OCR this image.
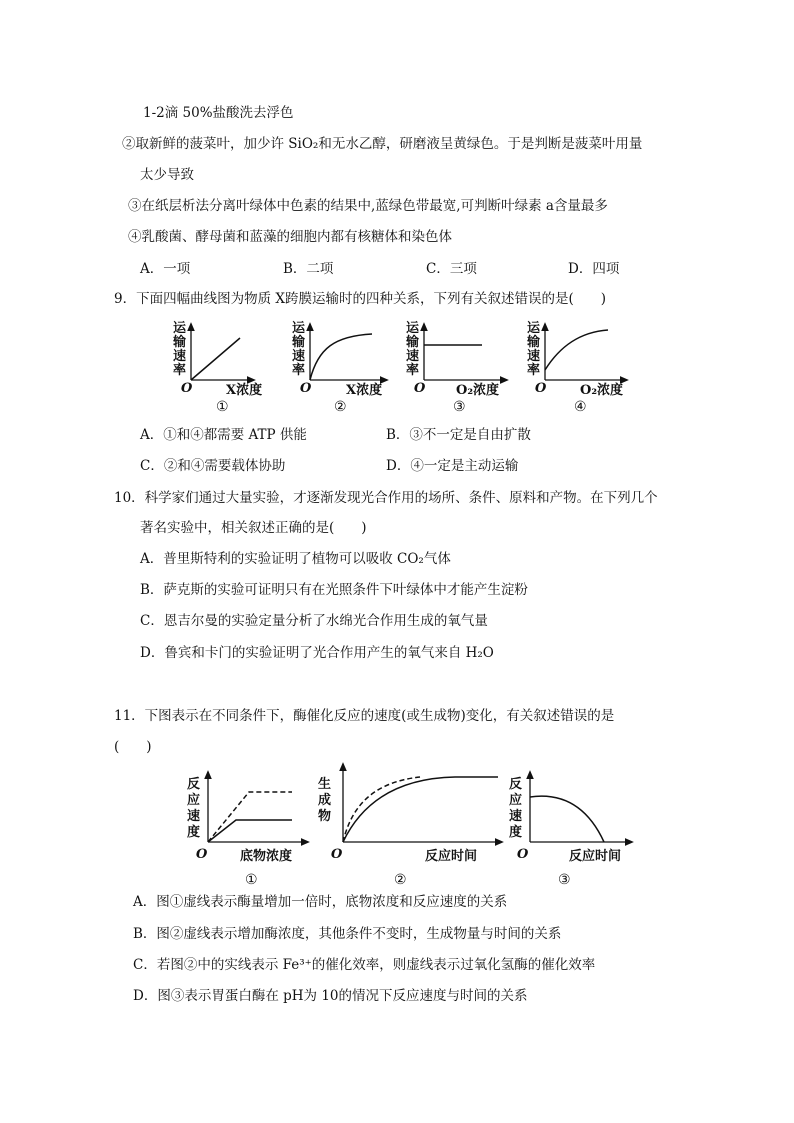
1-2滴 50%盐酸洗去浮色
②取新鲜的菠菜叶，加少许 SiO₂和无水乙醇，研磨液呈黄绿色。于是判断是菠菜叶用量
太少导致
③在纸层析法分离叶绿体中色素的结果中,蓝绿色带最宽,可判断叶绿素 a含量最多
④乳酸菌、酵母菌和蓝藻的细胞内都有核糖体和染色体
A．一项	B．二项	C．三项	D．四项
9．下面四幅曲线图为物质 X跨膜运输时的四种关系，下列有关叙述错误的是(　　)
运
输
速
率
O	X浓度
①
运
输
速
率
O	X浓度
②
运
输
速
率
O O₂浓度
③
运
输
速
率
O	O₂浓度
④
A．①和④都需要 ATP 供能	B．③不一定是自由扩散
C．②和④需要载体协助	D．④一定是主动运输
10．科学家们通过大量实验，才逐渐发现光合作用的场所、条件、原料和产物。在下列几个
著名实验中，相关叙述正确的是(　　)
A．普里斯特利的实验证明了植物可以吸收 CO₂气体
B．萨克斯的实验可证明只有在光照条件下叶绿体中才能产生淀粉
C．恩吉尔曼的实验定量分析了水绵光合作用生成的氧气量
D．鲁宾和卡门的实验证明了光合作用产生的氧气来自 H₂O
11．下图表示在不同条件下，酶催化反应的速度(或生成物)变化，有关叙述错误的是
(　　)
反
应
速
度
O	底物浓度
①
生
成
物
O	反应时间
②
反
应
速
度
O	反应时间
③
A．图①虚线表示酶量增加一倍时，底物浓度和反应速度的关系
B．图②虚线表示增加酶浓度，其他条件不变时，生成物量与时间的关系
C．若图②中的实线表示 Fe³⁺的催化效率，则虚线表示过氧化氢酶的催化效率
D．图③表示胃蛋白酶在 pH为 10的情况下反应速度与时间的关系
